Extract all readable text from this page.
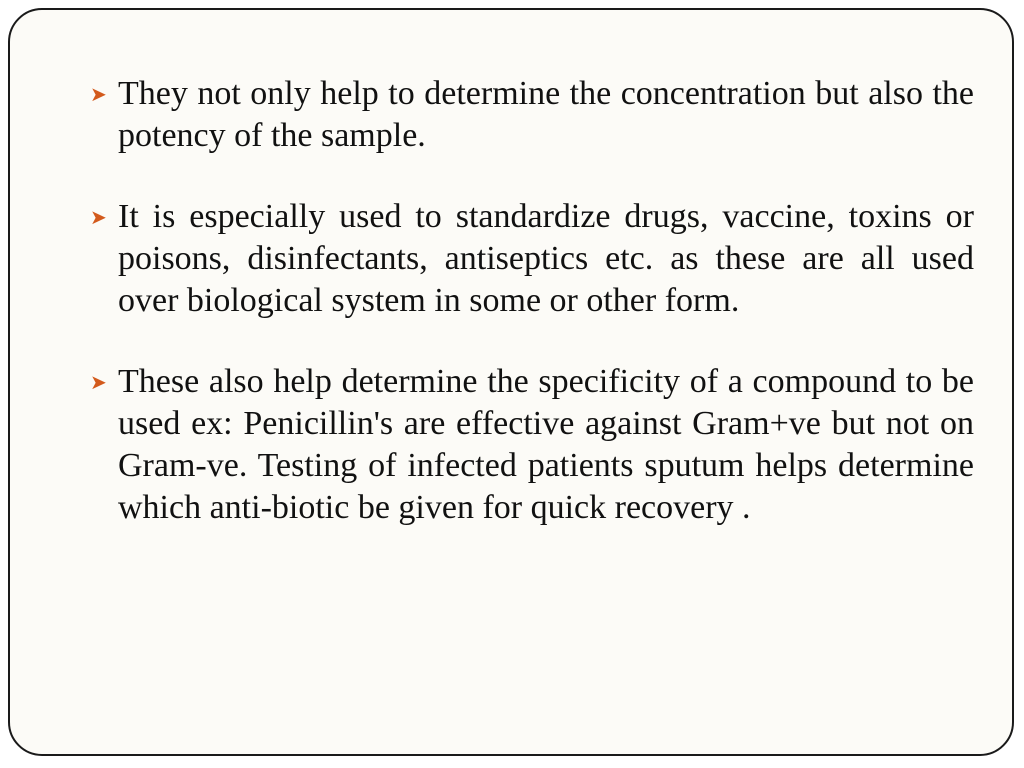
➤ They not only help to determine the concentration but also the potency of the sample.
➤ It is especially used to standardize drugs, vaccine, toxins or poisons, disinfectants, antiseptics etc. as these are all used over biological system in some or other form.
➤ These also help determine the specificity of a compound to be used ex: Penicillin's are effective against Gram+ve but not on Gram-ve. Testing of infected patients sputum helps determine which anti-biotic be given for quick recovery .
